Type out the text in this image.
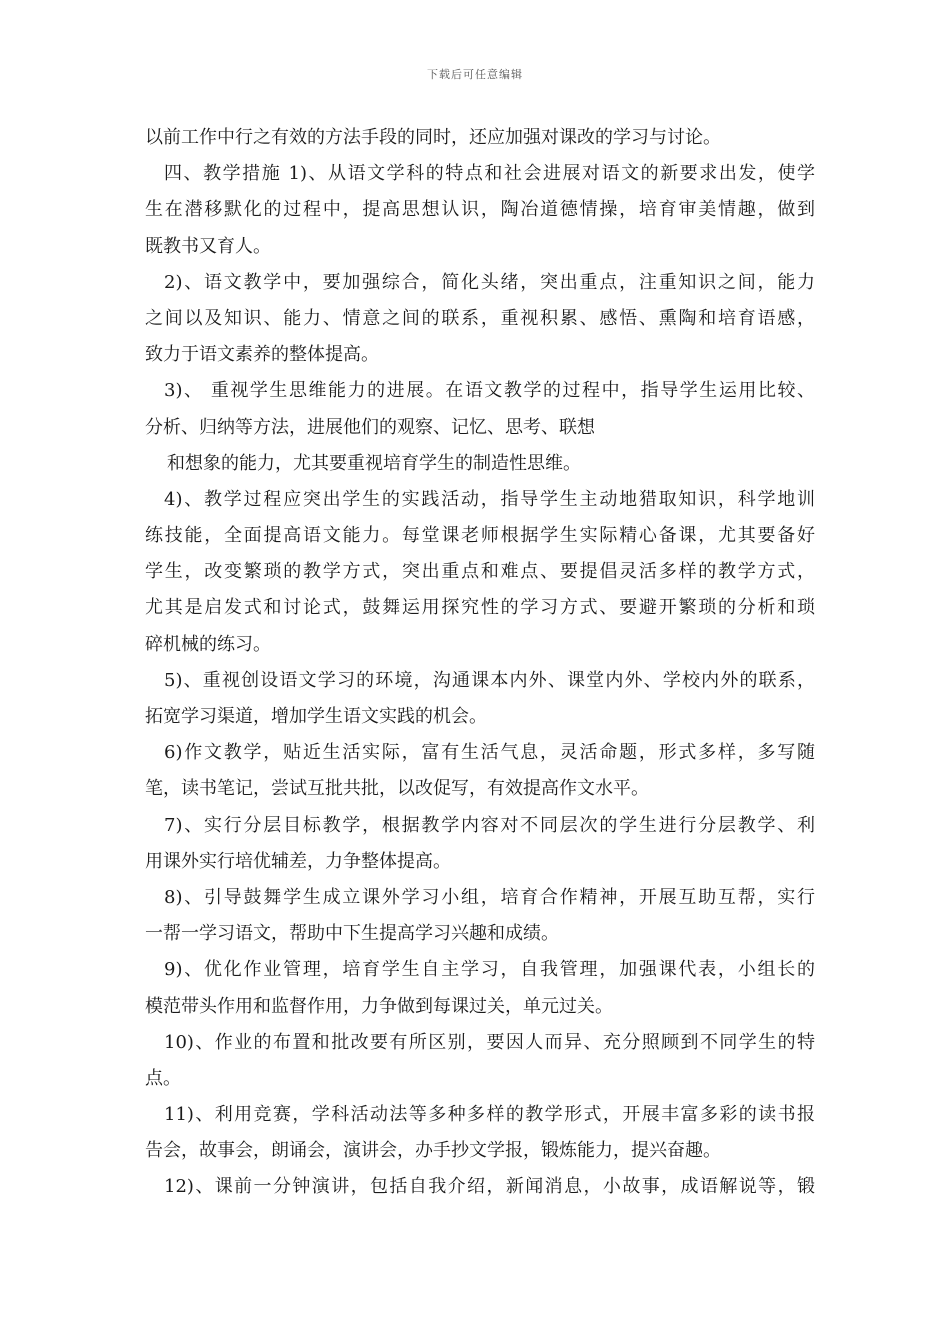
下载后可任意编辑
以前工作中行之有效的方法手段的同时，还应加强对课改的学习与讨论。
四、教学措施 1)、从语文学科的特点和社会进展对语文的新要求出发，使学
生在潜移默化的过程中，提高思想认识，陶冶道德情操，培育审美情趣，做到
既教书又育人。
2)、语文教学中，要加强综合，简化头绪，突出重点，注重知识之间，能力
之间以及知识、能力、情意之间的联系，重视积累、感悟、熏陶和培育语感，
致力于语文素养的整体提高。
3)、 重视学生思维能力的进展。在语文教学的过程中，指导学生运用比较、
分析、归纳等方法，进展他们的观察、记忆、思考、联想
和想象的能力，尤其要重视培育学生的制造性思维。
4)、教学过程应突出学生的实践活动，指导学生主动地猎取知识，科学地训
练技能，全面提高语文能力。每堂课老师根据学生实际精心备课，尤其要备好
学生，改变繁琐的教学方式，突出重点和难点、要提倡灵活多样的教学方式，
尤其是启发式和讨论式，鼓舞运用探究性的学习方式、要避开繁琐的分析和琐
碎机械的练习。
5)、重视创设语文学习的环境，沟通课本内外、课堂内外、学校内外的联系，
拓宽学习渠道，增加学生语文实践的机会。
6)作文教学，贴近生活实际，富有生活气息，灵活命题，形式多样，多写随
笔，读书笔记，尝试互批共批，以改促写，有效提高作文水平。
7)、实行分层目标教学，根据教学内容对不同层次的学生进行分层教学、利
用课外实行培优辅差，力争整体提高。
8)、引导鼓舞学生成立课外学习小组，培育合作精神，开展互助互帮，实行
一帮一学习语文，帮助中下生提高学习兴趣和成绩。
9)、优化作业管理，培育学生自主学习，自我管理，加强课代表，小组长的
模范带头作用和监督作用，力争做到每课过关，单元过关。
10)、作业的布置和批改要有所区别，要因人而异、充分照顾到不同学生的特
点。
11)、利用竞赛，学科活动法等多种多样的教学形式，开展丰富多彩的读书报
告会，故事会，朗诵会，演讲会，办手抄文学报，锻炼能力，提兴奋趣。
12)、课前一分钟演讲，包括自我介绍，新闻消息，小故事，成语解说等，锻
